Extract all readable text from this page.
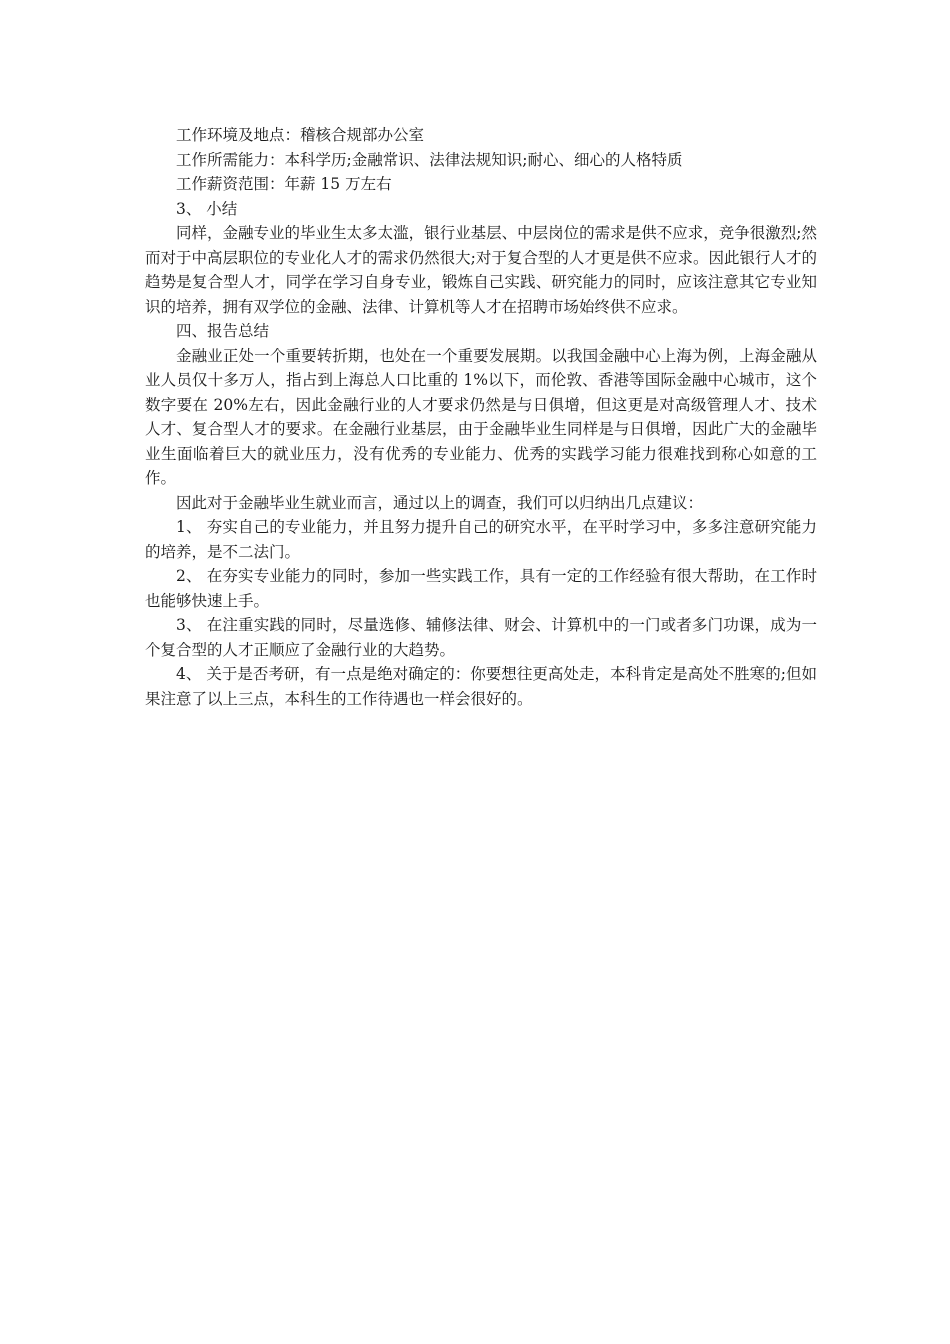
工作环境及地点：稽核合规部办公室

工作所需能力：本科学历;金融常识、法律法规知识;耐心、细心的人格特质

工作薪资范围：年薪 15 万左右

3、 小结

同样，金融专业的毕业生太多太滥，银行业基层、中层岗位的需求是供不应求，竞争很激烈;然而对于中高层职位的专业化人才的需求仍然很大;对于复合型的人才更是供不应求。因此银行人才的趋势是复合型人才，同学在学习自身专业，锻炼自己实践、研究能力的同时，应该注意其它专业知识的培养，拥有双学位的金融、法律、计算机等人才在招聘市场始终供不应求。

四、报告总结

金融业正处一个重要转折期，也处在一个重要发展期。以我国金融中心上海为例，上海金融从业人员仅十多万人，指占到上海总人口比重的 1%以下，而伦敦、香港等国际金融中心城市，这个数字要在 20%左右，因此金融行业的人才要求仍然是与日俱增，但这更是对高级管理人才、技术人才、复合型人才的要求。在金融行业基层，由于金融毕业生同样是与日俱增，因此广大的金融毕业生面临着巨大的就业压力，没有优秀的专业能力、优秀的实践学习能力很难找到称心如意的工作。

因此对于金融毕业生就业而言，通过以上的调查，我们可以归纳出几点建议：

1、 夯实自己的专业能力，并且努力提升自己的研究水平，在平时学习中，多多注意研究能力的培养，是不二法门。

2、 在夯实专业能力的同时，参加一些实践工作，具有一定的工作经验有很大帮助，在工作时也能够快速上手。

3、 在注重实践的同时，尽量选修、辅修法律、财会、计算机中的一门或者多门功课，成为一个复合型的人才正顺应了金融行业的大趋势。

4、 关于是否考研，有一点是绝对确定的：你要想往更高处走，本科肯定是高处不胜寒的;但如果注意了以上三点，本科生的工作待遇也一样会很好的。
